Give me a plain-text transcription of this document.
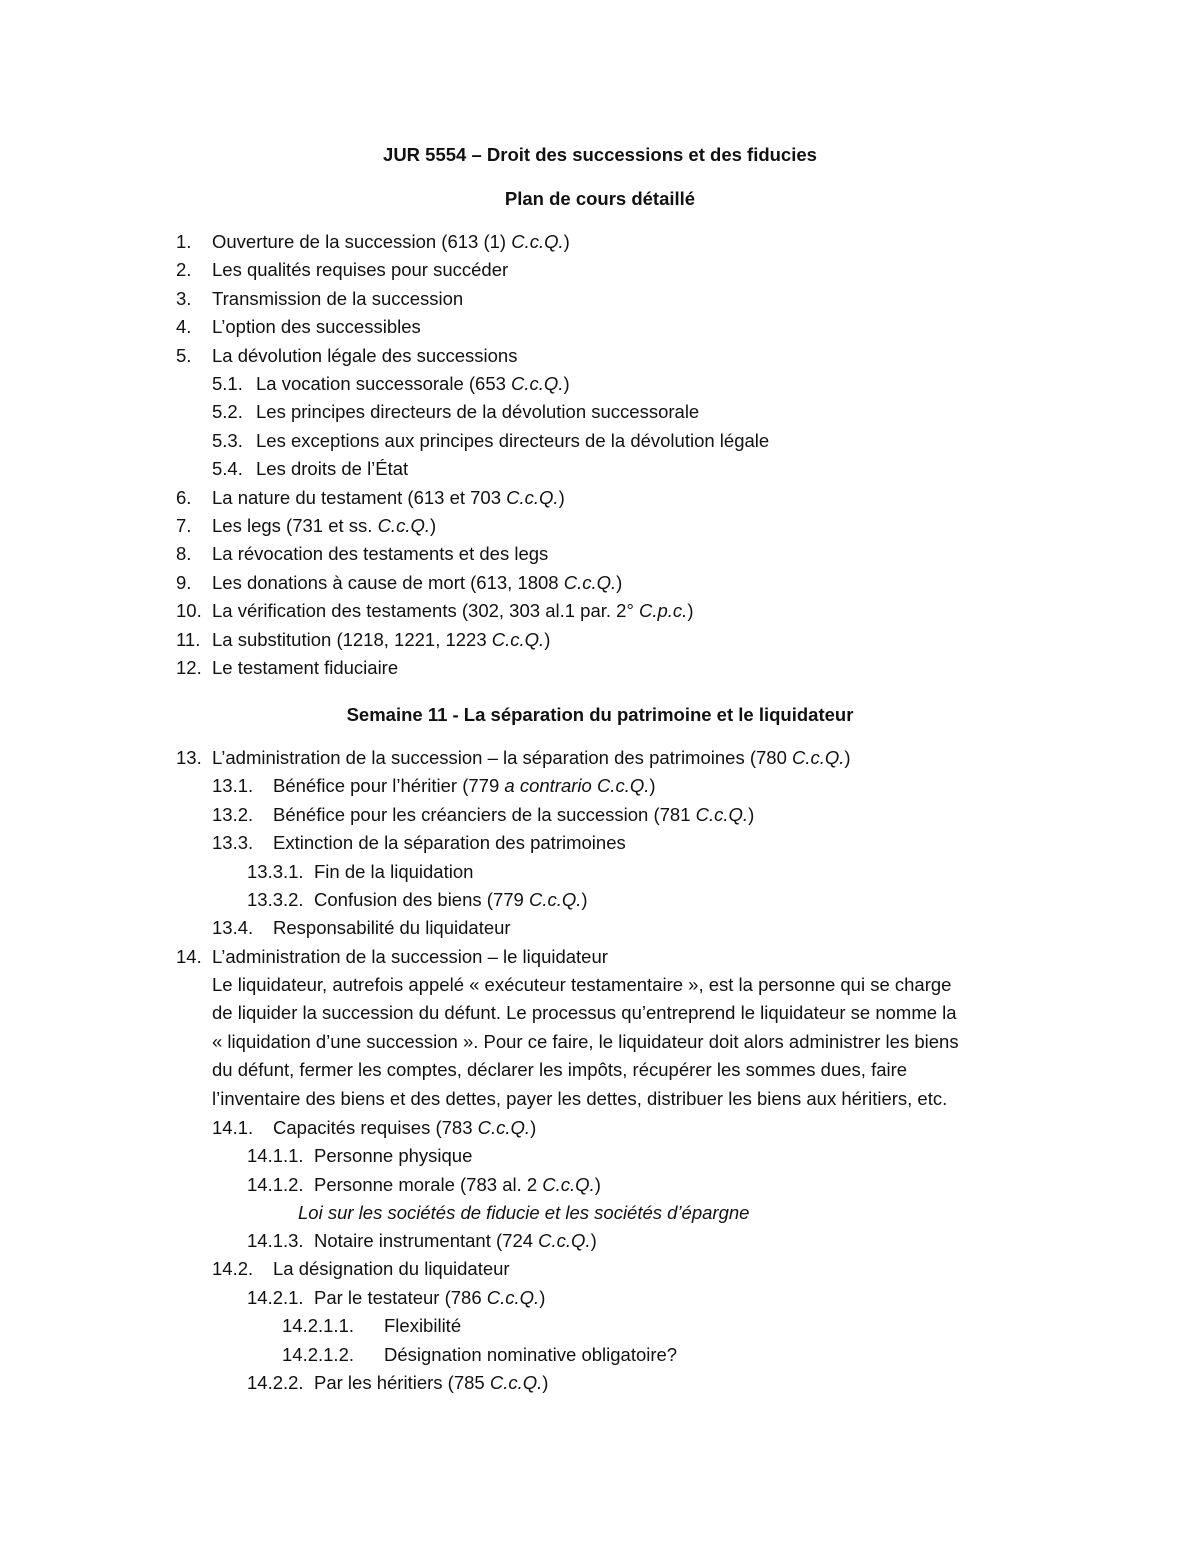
JUR 5554 – Droit des successions et des fiducies
Plan de cours détaillé
1. Ouverture de la succession (613 (1) C.c.Q.)
2. Les qualités requises pour succéder
3. Transmission de la succession
4. L’option des successibles
5. La dévolution légale des successions
5.1. La vocation successorale (653 C.c.Q.)
5.2. Les principes directeurs de la dévolution successorale
5.3. Les exceptions aux principes directeurs de la dévolution légale
5.4. Les droits de l’État
6. La nature du testament (613 et 703 C.c.Q.)
7. Les legs (731 et ss. C.c.Q.)
8. La révocation des testaments et des legs
9. Les donations à cause de mort (613, 1808 C.c.Q.)
10. La vérification des testaments (302, 303 al.1 par. 2° C.p.c.)
11. La substitution (1218, 1221, 1223 C.c.Q.)
12. Le testament fiduciaire
Semaine 11 - La séparation du patrimoine et le liquidateur
13. L’administration de la succession – la séparation des patrimoines (780 C.c.Q.)
13.1. Bénéfice pour l’héritier (779 a contrario C.c.Q.)
13.2. Bénéfice pour les créanciers de la succession (781 C.c.Q.)
13.3. Extinction de la séparation des patrimoines
13.3.1. Fin de la liquidation
13.3.2. Confusion des biens (779 C.c.Q.)
13.4. Responsabilité du liquidateur
14. L’administration de la succession – le liquidateur

Le liquidateur, autrefois appelé « exécuteur testamentaire », est la personne qui se charge

de liquider la succession du défunt. Le processus qu’entreprend le liquidateur se nomme la

« liquidation d’une succession ». Pour ce faire, le liquidateur doit alors administrer les biens

du défunt, fermer les comptes, déclarer les impôts, récupérer les sommes dues, faire

l’inventaire des biens et des dettes, payer les dettes, distribuer les biens aux héritiers, etc.

14.1. Capacités requises (783 C.c.Q.)
14.1.1. Personne physique
14.1.2. Personne morale (783 al. 2 C.c.Q.)
Loi sur les sociétés de fiducie et les sociétés d’épargne
14.1.3. Notaire instrumentant (724 C.c.Q.)
14.2. La désignation du liquidateur
14.2.1. Par le testateur (786 C.c.Q.)
14.2.1.1. Flexibilité
14.2.1.2. Désignation nominative obligatoire?
14.2.2. Par les héritiers (785 C.c.Q.)
